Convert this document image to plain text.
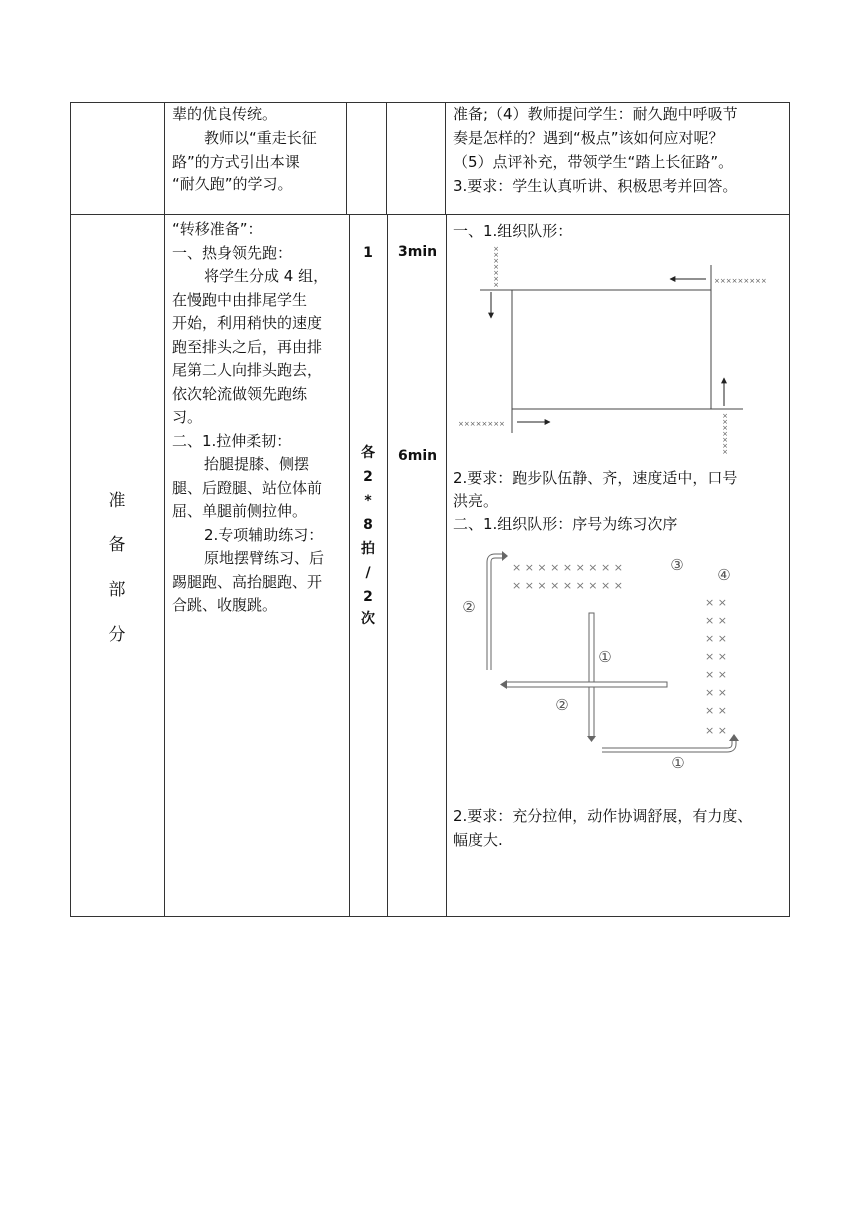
辈的优良传统。
教师以“重走长征
路”的方式引出本课
“耐久跑”的学习。
准备;（4）教师提问学生：耐久跑中呼吸节
奏是怎样的？遇到“极点”该如何应对呢？
（5）点评补充，带领学生“踏上长征路”。
3.要求：学生认真听讲、积极思考并回答。
准
备
部
分
“转移准备”：
一、热身领先跑：
将学生分成 4 组，
在慢跑中由排尾学生
开始，利用稍快的速度
跑至排头之后，再由排
尾第二人向排头跑去，
依次轮流做领先跑练
习。
二、1.拉伸柔韧：
抬腿提膝、侧摆
腿、后蹬腿、站位体前
屈、单腿前侧拉伸。
2.专项辅助练习：
原地摆臂练习、后
踢腿跑、高抬腿跑、开
合跳、收腹跳。
1
各
2
*
8
拍
/
2
次
3min
6min
一、1.组织队形：
×
×
×
×
×
×
×	×××××××××
××××××××
×
×
×
×
×
×
×
2.要求：跑步队伍静、齐，速度适中，口号
洪亮。
二、1.组织队形：序号为练习次序
× × × × × × × × ×
× × × × × × × × ×
× ×
× ×
× ×
× ×
× ×
× ×
× ×
× ×
②
①
②
③
④
①
2.要求：充分拉伸，动作协调舒展，有力度、
幅度大.
